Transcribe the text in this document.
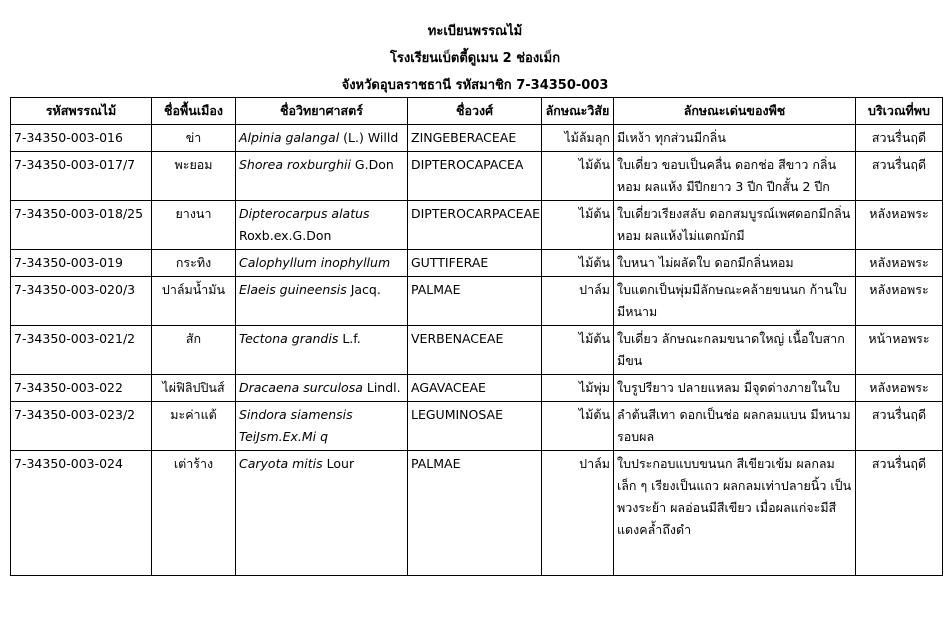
ทะเบียนพรรณไม้
โรงเรียนเบ็ตตี้ดูเมน 2 ช่องเม็ก
จังหวัดอุบลราชธานี รหัสมาชิก 7-34350-003
รหัสพรรณไม้	ชื่อพื้นเมือง	ชื่อวิทยาศาสตร์	ชื่อวงศ์	ลักษณะวิสัย	ลักษณะเด่นของพืช	บริเวณที่พบ
7-34350-003-016	ข่า	Alpinia galangal (L.) Willd	ZINGEBERACEAE	ไม้ล้มลุก	มีเหง้า ทุกส่วนมีกลิ่น	สวนรื่นฤดี
7-34350-003-017/7	พะยอม	Shorea roxburghii G.Don	DIPTEROCAPACEA	ไม้ต้น	ใบเดี่ยว ขอบเป็นคลื่น ดอกช่อ สีขาว กลิ่นหอม ผลแห้ง มีปีกยาว 3 ปีก ปีกสั้น 2 ปีก	สวนรื่นฤดี
7-34350-003-018/25	ยางนา	Dipterocarpus alatus Roxb.ex.G.Don	DIPTEROCARPACEAE	ไม้ต้น	ใบเดี่ยวเรียงสลับ ดอกสมบูรณ์เพศดอกมีกลิ่นหอม ผลแห้งไม่แตกมักมี	หลังหอพระ
7-34350-003-019	กระทิง	Calophyllum inophyllum	GUTTIFERAE	ไม้ต้น	ใบหนา ไม่ผลัดใบ ดอกมีกลิ่นหอม	หลังหอพระ
7-34350-003-020/3	ปาล์มน้ำมัน	Elaeis guineensis Jacq.	PALMAE	ปาล์ม	ใบแตกเป็นพุ่มมีลักษณะคล้ายขนนก ก้านใบมีหนาม	หลังหอพระ
7-34350-003-021/2	สัก	Tectona grandis L.f.	VERBENACEAE	ไม้ต้น	ใบเดี่ยว ลักษณะกลมขนาดใหญ่ เนื้อใบสากมีขน	หน้าหอพระ
7-34350-003-022	ไผ่ฟิลิปปินส์	Dracaena surculosa Lindl.	AGAVACEAE	ไม้พุ่ม	ใบรูปรียาว ปลายแหลม มีจุดด่างภายในใบ	หลังหอพระ
7-34350-003-023/2	มะค่าแต้	Sindora siamensis TeiJsm.Ex.Mi q	LEGUMINOSAE	ไม้ต้น	ลำต้นสีเทา ดอกเป็นช่อ ผลกลมแบน มีหนามรอบผล	สวนรื่นฤดี
7-34350-003-024	เต่าร้าง	Caryota mitis Lour	PALMAE	ปาล์ม	ใบประกอบแบบขนนก สีเขียวเข้ม ผลกลมเล็ก ๆ เรียงเป็นแถว ผลกลมเท่าปลายนิ้ว เป็นพวงระย้า ผลอ่อนมีสีเขียว เมื่อผลแก่จะมีสีแดงคล้ำถึงดำ	สวนรื่นฤดี
